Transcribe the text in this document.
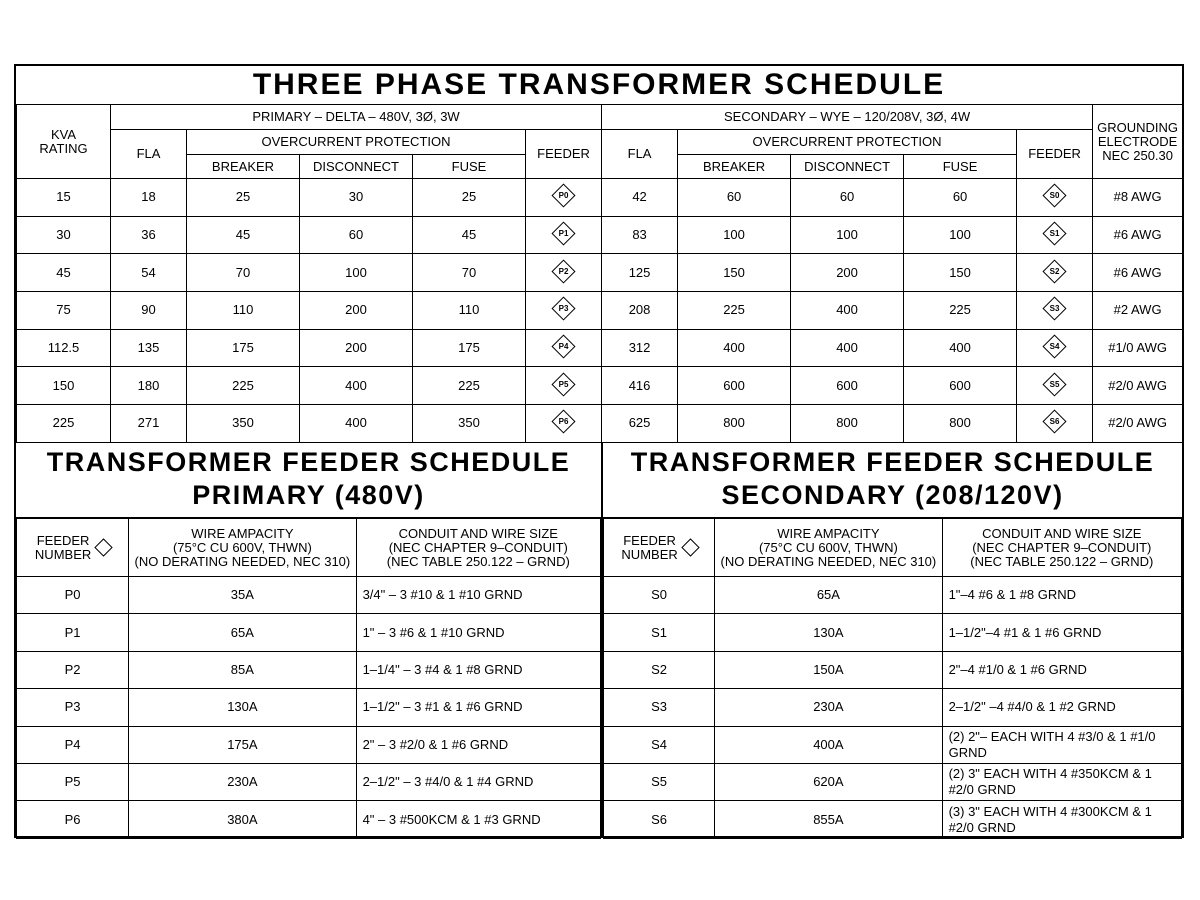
THREE PHASE TRANSFORMER SCHEDULE
KVA
RATING	PRIMARY – DELTA – 480V, 3Ø, 3W					SECONDARY – WYE – 120/208V, 3Ø, 4W					GROUNDING
ELECTRODE
NEC 250.30
	FLA	OVERCURRENT PROTECTION			FEEDER	FLA	OVERCURRENT PROTECTION			FEEDER	
		BREAKER	DISCONNECT	FUSE			BREAKER	DISCONNECT	FUSE		
15	18	25	30	25	P0	42	60	60	60	S0	#8 AWG
30	36	45	60	45	P1	83	100	100	100	S1	#6 AWG
45	54	70	100	70	P2	125	150	200	150	S2	#6 AWG
75	90	110	200	110	P3	208	225	400	225	S3	#2 AWG
112.5	135	175	200	175	P4	312	400	400	400	S4	#1/0 AWG
150	180	225	400	225	P5	416	600	600	600	S5	#2/0 AWG
225	271	350	400	350	P6	625	800	800	800	S6	#2/0 AWG
TRANSFORMER FEEDER SCHEDULE
PRIMARY (480V)
FEEDER
NUMBER	WIRE AMPACITY
(75°C CU 600V, THWN)
(NO DERATING NEEDED, NEC 310)	CONDUIT AND WIRE SIZE
(NEC CHAPTER 9–CONDUIT)
(NEC TABLE 250.122 – GRND)
P0	35A	3/4" – 3 #10 & 1 #10 GRND
P1	65A	1" – 3 #6 & 1 #10 GRND
P2	85A	1–1/4" – 3 #4 & 1 #8 GRND
P3	130A	1–1/2" – 3 #1 & 1 #6 GRND
P4	175A	2" – 3 #2/0 & 1 #6 GRND
P5	230A	2–1/2" – 3 #4/0 & 1 #4 GRND
P6	380A	4" – 3 #500KCM & 1 #3 GRND
TRANSFORMER FEEDER SCHEDULE
SECONDARY (208/120V)
FEEDER
NUMBER	WIRE AMPACITY
(75°C CU 600V, THWN)
(NO DERATING NEEDED, NEC 310)	CONDUIT AND WIRE SIZE
(NEC CHAPTER 9–CONDUIT)
(NEC TABLE 250.122 – GRND)
S0	65A	1"–4 #6 & 1 #8 GRND
S1	130A	1–1/2"–4 #1 & 1 #6 GRND
S2	150A	2"–4 #1/0 & 1 #6 GRND
S3	230A	2–1/2" –4 #4/0 & 1 #2 GRND
S4	400A	(2) 2"– EACH WITH 4 #3/0 & 1 #1/0 GRND
S5	620A	(2) 3" EACH WITH 4 #350KCM & 1 #2/0 GRND
S6	855A	(3) 3" EACH WITH 4 #300KCM & 1 #2/0 GRND
